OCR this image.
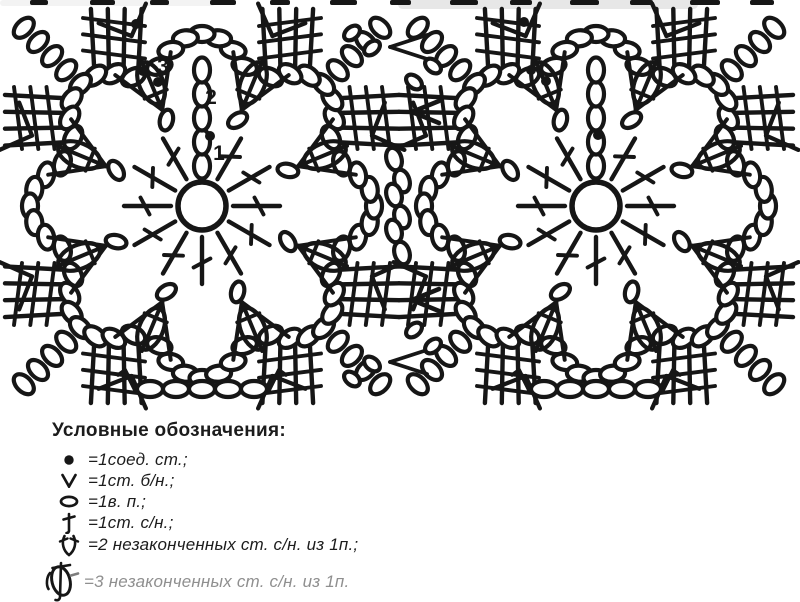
3
2
1
Условные обозначения:
=1соед. ст.;
=1ст. б/н.;
=1в. п.;
=1ст. с/н.;
=2 незаконченных ст. с/н. из 1п.;
=3 незаконченных ст. с/н. из 1п.
